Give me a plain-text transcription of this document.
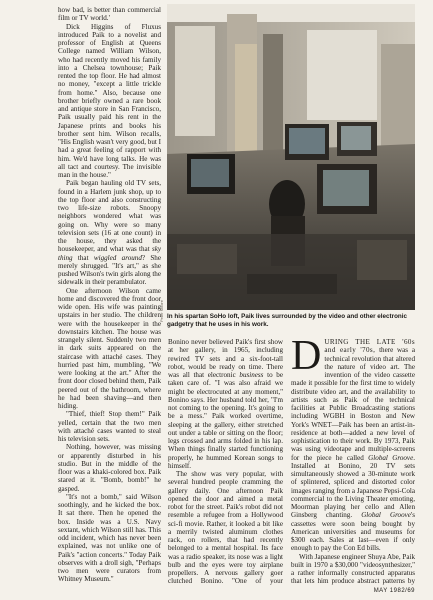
how bad, is better than commercial film or TV world.'

Dick Higgins of Fluxus introduced Paik to a novelist and professor of English at Queens College named William Wilson, who had recently moved his family into a Chelsea townhouse; Paik rented the top floor. He had almost no money, "except a little trickle from home." Also, because one brother briefly owned a rare book and antique store in San Francisco, Paik usually paid his rent in the Japanese prints and books his brother sent him. Wilson recalls, "His English wasn't very good, but I had a great feeling of rapport with him. We'd have long talks. He was all tact and courtesy. The invisible man in the house."

Paik began hauling old TV sets, found in a Harlem junk shop, up to the top floor and also constructing two life-size robots. Snoopy neighbors wondered what was going on. Why were so many television sets (16 at one count) in the house, they asked the housekeeper, and what was that sky thing that wiggled around? She merely shrugged. "It's art," as she pushed Wilson's twin girls along the sidewalk in their perambulator.

One afternoon Wilson came home and discovered the front door wide open. His wife was painting upstairs in her studio. The children were with the housekeeper in the downstairs kitchen. The house was strangely silent. Suddenly two men in dark suits appeared on the staircase with attaché cases. They hurried past him, mumbling, "We were looking at the art." After the front door closed behind them, Paik peered out of the bathroom, where he had been shaving—and then hiding.

"Thief, thief! Stop them!" Paik yelled, certain that the two men with attaché cases wanted to steal his television sets.

Nothing, however, was missing or apparently disturbed in his studio. But in the middle of the floor was a khaki-colored box. Paik stared at it. "Bomb, bomb!" he gasped.

"It's not a bomb," said Wilson soothingly, and he kicked the box. It sat there. Then he opened the box. Inside was a U.S. Navy sextant, which Wilson still has. This odd incident, which has never been explained, was not unlike one of Paik's "action concerts." Today Paik observes with a droll sigh, "Perhaps two men were curators from Whitney Museum."

Peter Moore In his spartan SoHo loft, Paik lives surrounded by the video and other electronic gadgetry that he uses in his work.

Bonino never believed Paik's first show at her gallery, in 1965, including rewired TV sets and a six-foot-tall robot, would be ready on time. There was all that electronic business to be taken care of. "I was also afraid we might be electrocuted at any moment," Bonino says. Her husband told her, "I'm not coming to the opening. It's going to be a mess." Paik worked overtime, sleeping at the gallery, either stretched out under a table or sitting on the floor; legs crossed and arms folded in his lap. When things finally started functioning properly, he hummed Korean songs to himself.

The show was very popular, with several hundred people cramming the gallery daily. One afternoon Paik opened the door and aimed a metal robot for the street. Paik's robot did not resemble a refugee from a Hollywood sci-fi movie. Rather, it looked a bit like a merrily twisted aluminum clothes rack, on rollers, that had recently belonged to a mental hospital. Its face was a radio speaker, its nose was a light bulb and the eyes were toy airplane propellers. A nervous gallery goer clutched Bonino. "One of your

DURING THE LATE '60s and early '70s, there was a technical revolution that altered the nature of video art. The invention of the video cassette made it possible for the first time to widely distribute video art, and the availability to artists such as Paik of the technical facilities at Public Broadcasting stations including WGBH in Boston and New York's WNET—Paik has been an artist-in-residence at both—added a new level of sophistication to their work. By 1973, Paik was using videotape and multiple-screens for the piece he called Global Groove. Installed at Bonino, 20 TV sets simultaneously showed a 30-minute work of splintered, spliced and distorted color images ranging from a Japanese Pepsi-Cola commercial to the Living Theater emoting, Moorman playing her cello and Allen Ginsberg chanting. Global Groove's cassettes were soon being bought by American universities and museums for $300 each. Sales at last—even if only enough to pay the Con Ed bills.

With Japanese engineer Shuya Abe, Paik built in 1970 a $30,000 "videosynthesizer," a rather informally constructed apparatus that lets him produce abstract patterns by

MAY 1982/69
